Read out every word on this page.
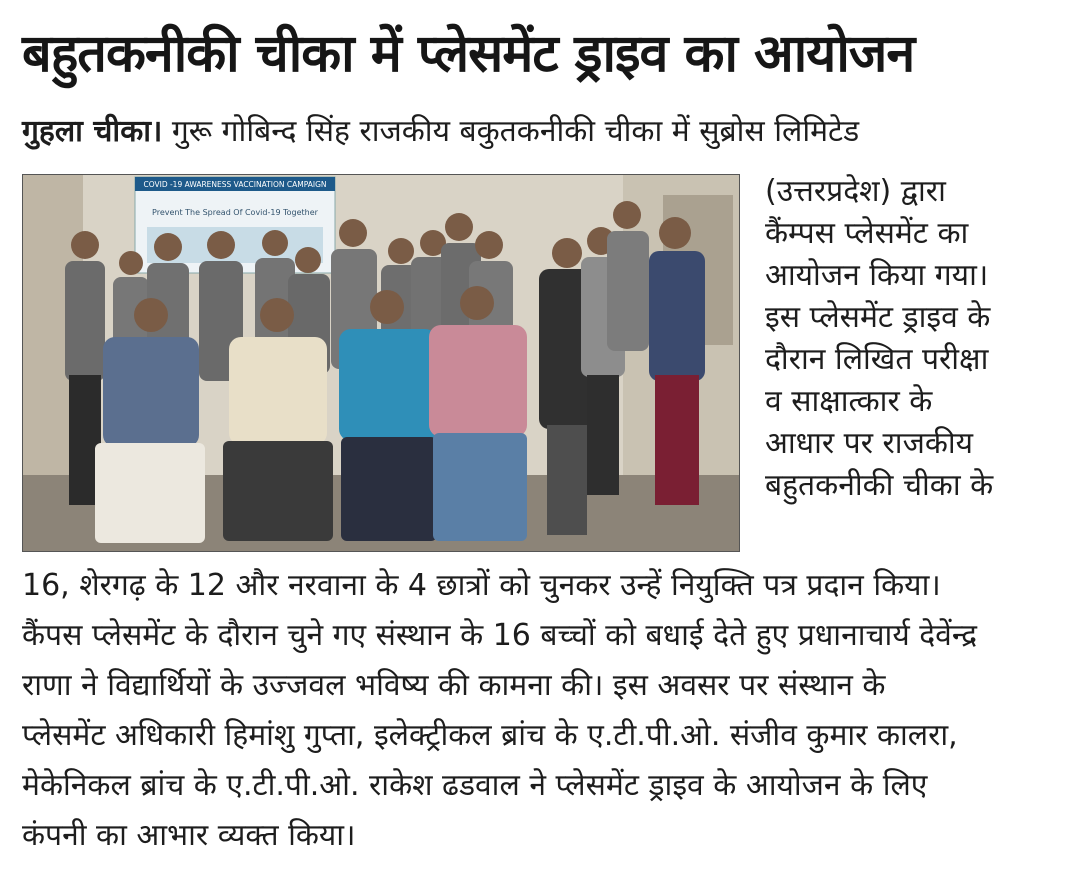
बहुतकनीकी चीका में प्लेसमेंट ड्राइव का आयोजन
गुहला चीका। गुरू गोबिन्द सिंह राजकीय बकुतकनीकी चीका में सुब्रोस लिमिटेड
(उत्तरप्रदेश) द्वारा
कैंम्पस प्लेसमेंट का
आयोजन किया गया।
इस प्लेसमेंट ड्राइव के
दौरान लिखित परीक्षा
व साक्षात्कार के
आधार पर राजकीय
बहुतकनीकी चीका के
16, शेरगढ़ के 12 और नरवाना के 4 छात्रों को चुनकर उन्हें नियुक्ति पत्र प्रदान किया।
कैंपस प्लेसमेंट के दौरान चुने गए संस्थान के 16 बच्चों को बधाई देते हुए प्रधानाचार्य देवेंन्द्र
राणा ने विद्यार्थियों के उज्जवल भविष्य की कामना की। इस अवसर पर संस्थान के
प्लेसमेंट अधिकारी हिमांशु गुप्ता, इलेक्ट्रीकल ब्रांच के ए.टी.पी.ओ. संजीव कुमार कालरा,
मेकेनिकल ब्रांच के ए.टी.पी.ओ. राकेश ढडवाल ने प्लेसमेंट ड्राइव के आयोजन के लिए
कंपनी का आभार व्यक्त किया।
COVID -19 AWARENESS VACCINATION CAMPAIGN
Prevent The Spread Of Covid-19 Together
